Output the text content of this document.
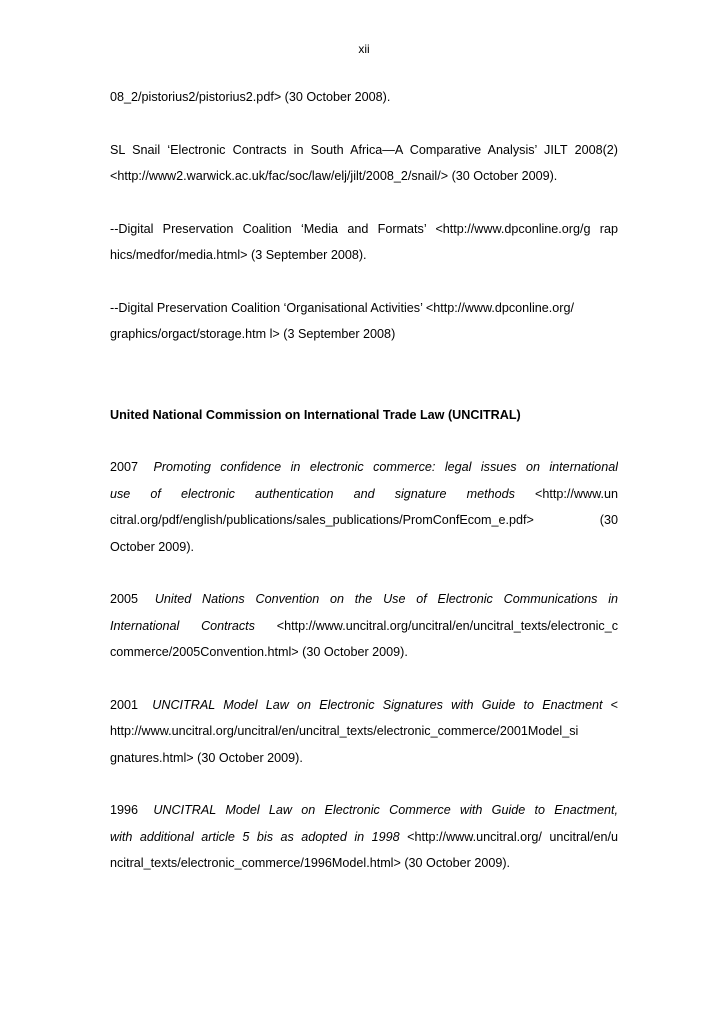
xii
08_2/pistorius2/pistorius2.pdf> (30 October 2008).
SL Snail ‘Electronic Contracts in South Africa—A Comparative Analysis’ JILT 2008(2)
<http://www2.warwick.ac.uk/fac/soc/law/elj/jilt/2008_2/snail/> (30 October 2009).
--Digital Preservation Coalition ‘Media and Formats’ <http://www.dpconline.org/g rap
hics/medfor/media.html> (3 September 2008).
--Digital Preservation Coalition ‘Organisational Activities’ <http://www.dpconline.org/
graphics/orgact/storage.htm l> (3 September 2008)
United National Commission on International Trade Law (UNCITRAL)
2007 Promoting confidence in electronic commerce: legal issues on international
use of electronic authentication and signature methods <http://www.un
citral.org/pdf/english/publications/sales_publications/PromConfEcom_e.pdf>	(30
October 2009).
2005 United Nations Convention on the Use of Electronic Communications in
International Contracts <http://www.uncitral.org/uncitral/en/uncitral_texts/electronic_c
commerce/2005Convention.html> (30 October 2009).
2001 UNCITRAL Model Law on Electronic Signatures with Guide to Enactment <
http://www.uncitral.org/uncitral/en/uncitral_texts/electronic_commerce/2001Model_si
gnatures.html> (30 October 2009).
1996 UNCITRAL Model Law on Electronic Commerce with Guide to Enactment,
with additional article 5 bis as adopted in 1998 <http://www.uncitral.org/ uncitral/en/u
ncitral_texts/electronic_commerce/1996Model.html> (30 October 2009).
